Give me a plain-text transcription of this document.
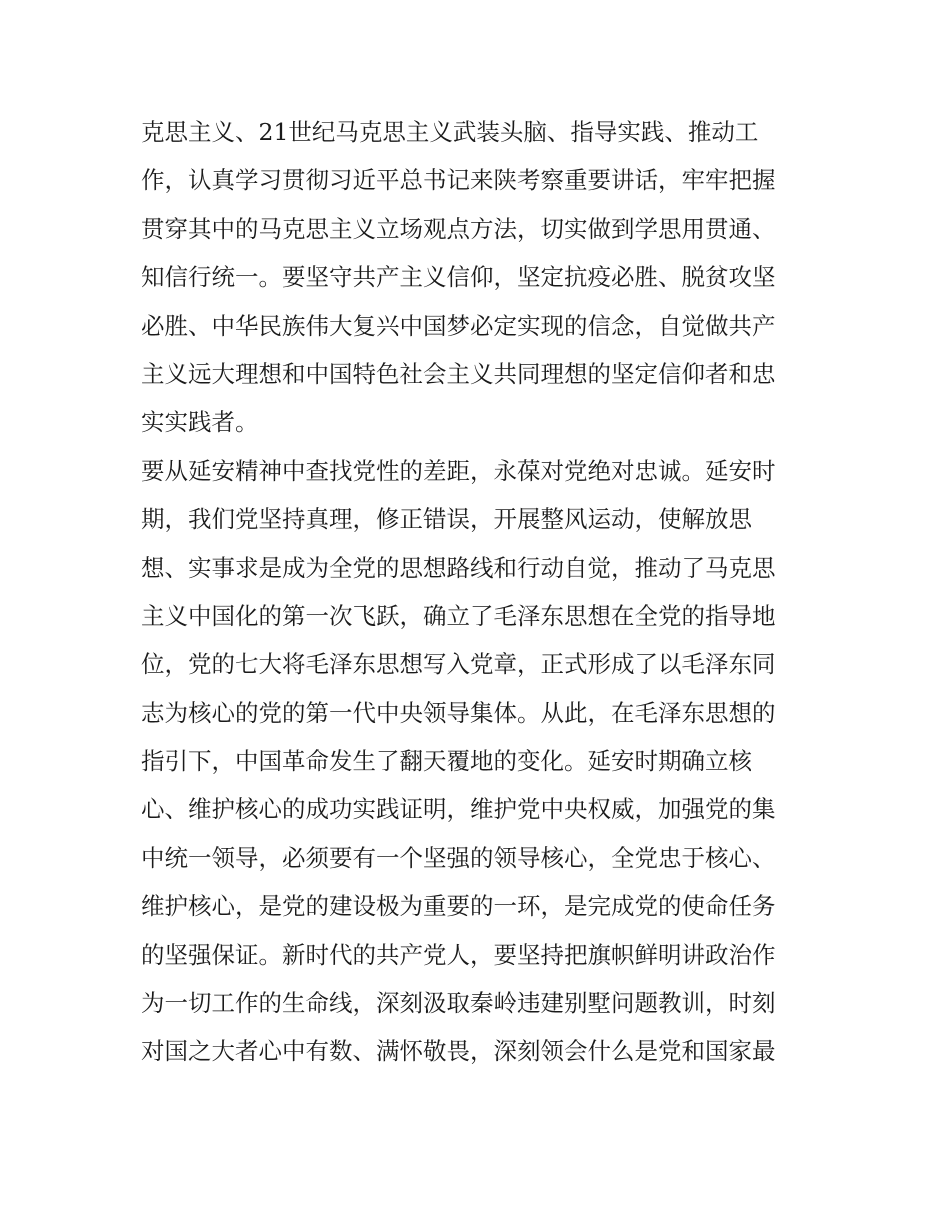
克思主义、21世纪马克思主义武装头脑、指导实践、推动工
作，认真学习贯彻习近平总书记来陕考察重要讲话，牢牢把握
贯穿其中的马克思主义立场观点方法，切实做到学思用贯通、
知信行统一。要坚守共产主义信仰，坚定抗疫必胜、脱贫攻坚
必胜、中华民族伟大复兴中国梦必定实现的信念，自觉做共产
主义远大理想和中国特色社会主义共同理想的坚定信仰者和忠
实实践者。
要从延安精神中查找党性的差距，永葆对党绝对忠诚。延安时
期，我们党坚持真理，修正错误，开展整风运动，使解放思
想、实事求是成为全党的思想路线和行动自觉，推动了马克思
主义中国化的第一次飞跃，确立了毛泽东思想在全党的指导地
位，党的七大将毛泽东思想写入党章，正式形成了以毛泽东同
志为核心的党的第一代中央领导集体。从此，在毛泽东思想的
指引下，中国革命发生了翻天覆地的变化。延安时期确立核
心、维护核心的成功实践证明，维护党中央权威，加强党的集
中统一领导，必须要有一个坚强的领导核心，全党忠于核心、
维护核心，是党的建设极为重要的一环，是完成党的使命任务
的坚强保证。新时代的共产党人，要坚持把旗帜鲜明讲政治作
为一切工作的生命线，深刻汲取秦岭违建别墅问题教训，时刻
对国之大者心中有数、满怀敬畏，深刻领会什么是党和国家最
